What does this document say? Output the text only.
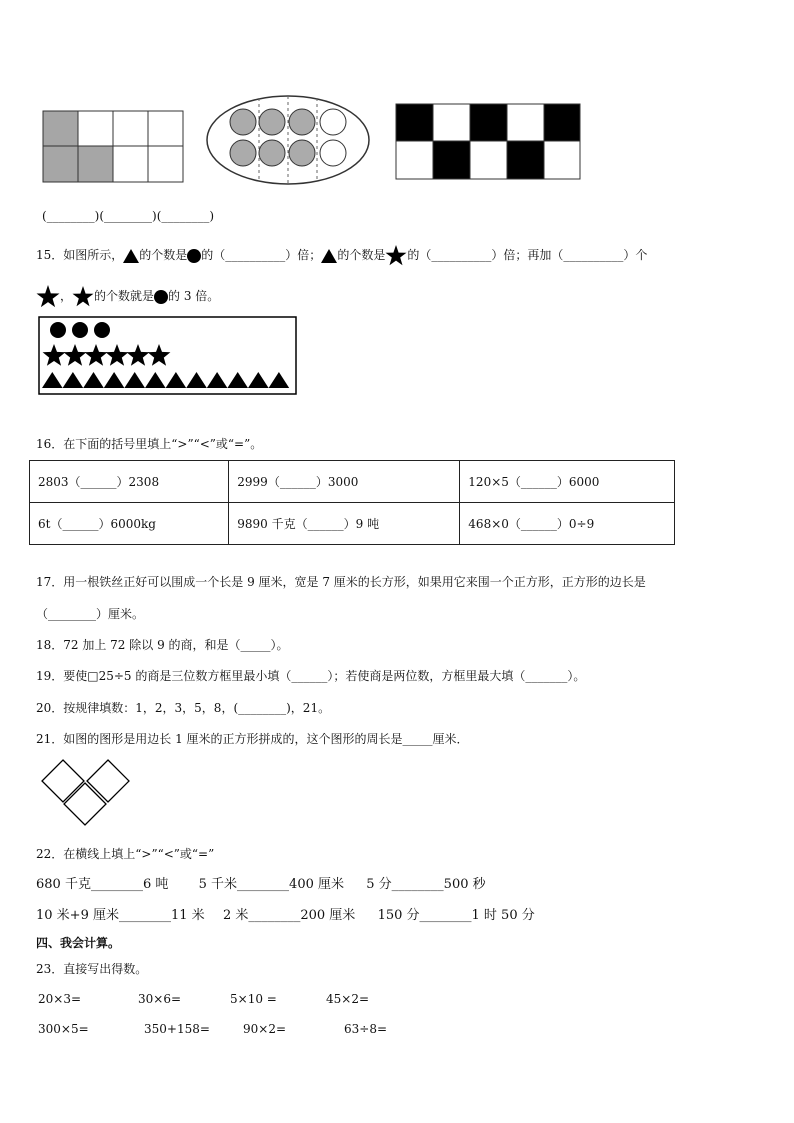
(________)(________)(________)
15．如图所示， 的个数是 的（__________）倍； 的个数是 的（__________）倍；再加（__________）个
， 的个数就是 的 3 倍。
16．在下面的括号里填上“>”“<”或“=”。
2803（______）2308	2999（______）3000	120×5（______）6000
6t（______）6000kg	9890 千克（______）9 吨	468×0（______）0÷9
17．用一根铁丝正好可以围成一个长是 9 厘米，宽是 7 厘米的长方形，如果用它来围一个正方形，正方形的边长是
（________）厘米。
18．72 加上 72 除以 9 的商，和是（_____）。
19．要使□25÷5 的商是三位数方框里最小填（______）；若使商是两位数，方框里最大填（_______）。
20．按规律填数：1，2，3，5，8，(________)，21。
21．如图的图形是用边长 1 厘米的正方形拼成的，这个图形的周长是_____厘米．
22．在横线上填上“>”“<”或“=”
680 千克________6 吨 5 千米________400 厘米 5 分________500 秒
10 米+9 厘米________11 米 2 米________200 厘米 150 分________1 时 50 分
四、我会计算。
23．直接写出得数。
20×3=	30×6=	5×10 =	45×2=
300×5=	350+158=	90×2=	63÷8=
